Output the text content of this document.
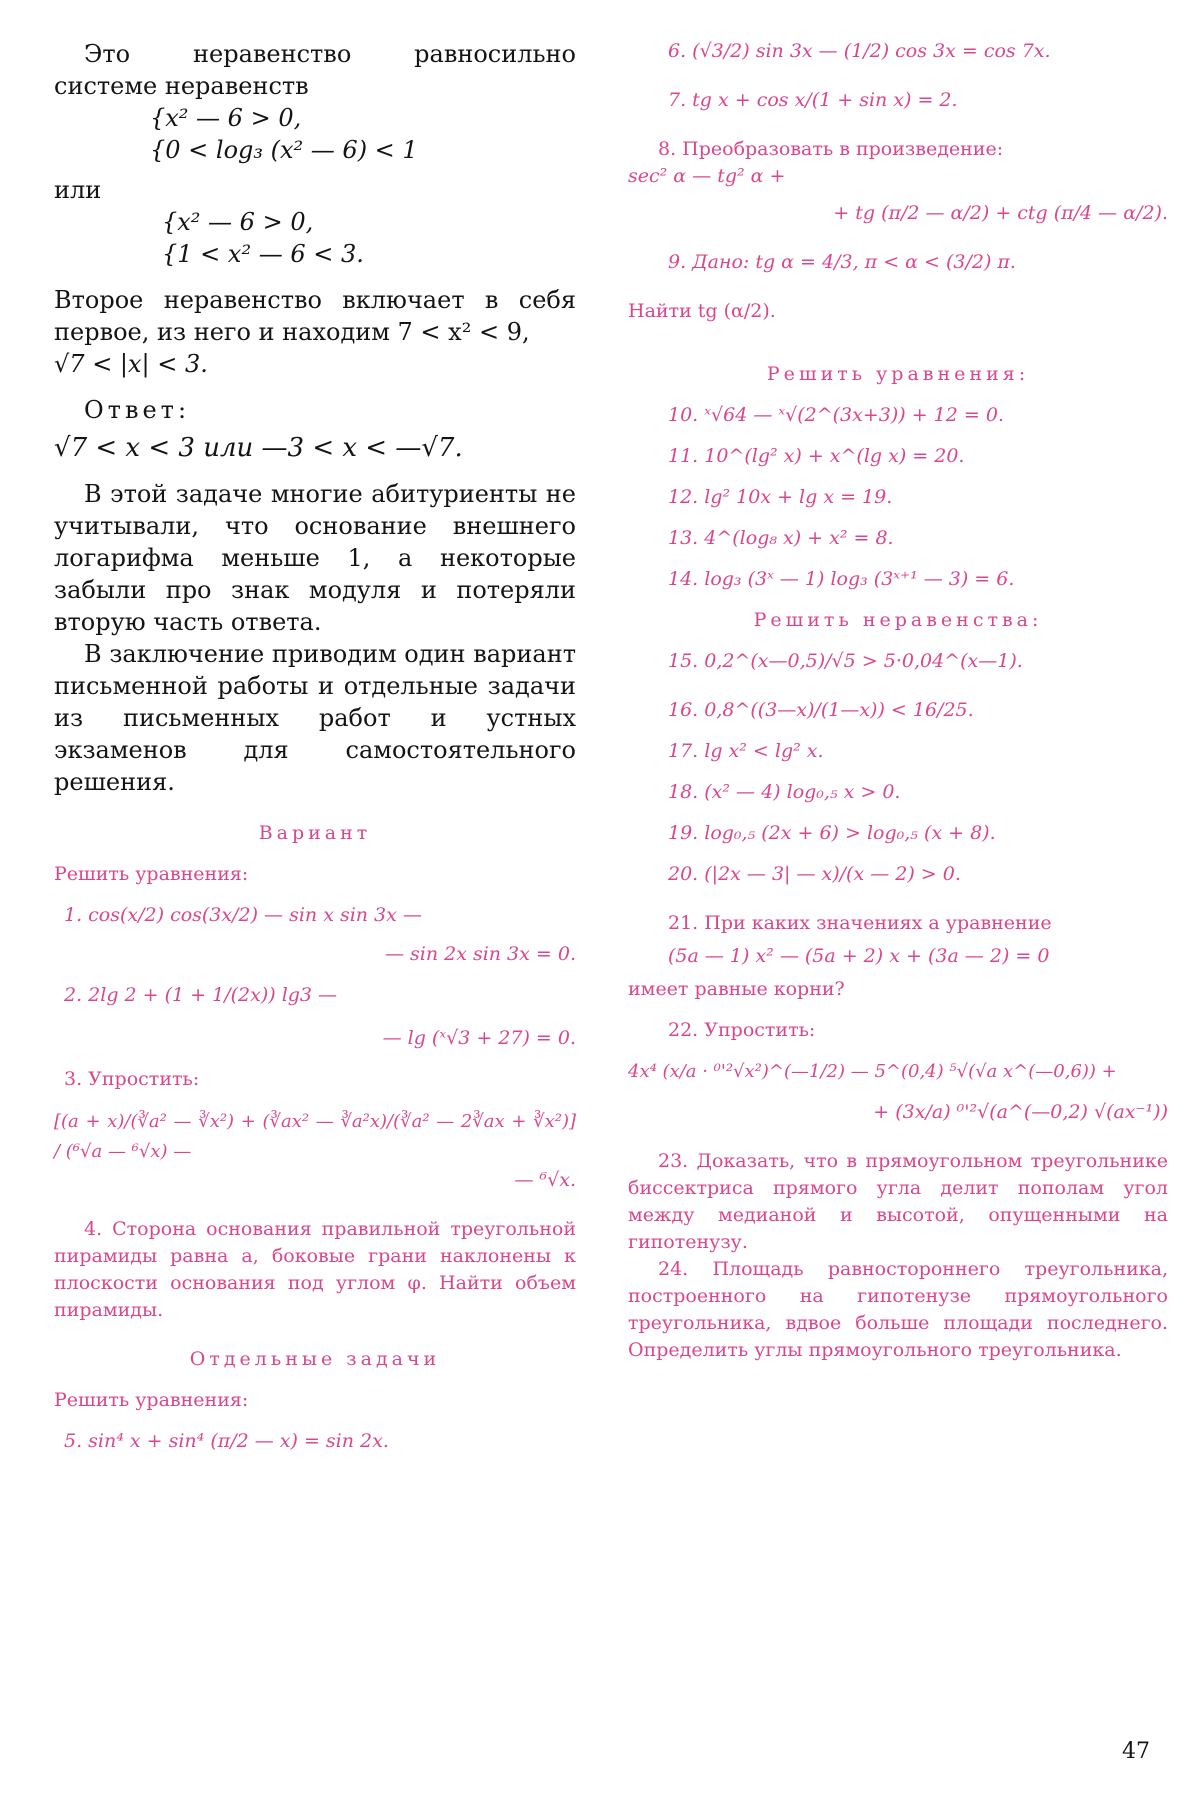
Это неравенство равносильно системе неравенств

{x² — 6 > 0,
{0 < log₃ (x² — 6) < 1

или

{x² — 6 > 0,
{1 < x² — 6 < 3.

Второе неравенство включает в себя первое, из него и находим 7 < x² < 9,

√7 < |x| < 3.

Ответ:

√7 < x < 3 или —3 < x < —√7.

В этой задаче многие абитуриенты не учитывали, что основание внешнего логарифма меньше 1, а некоторые забыли про знак модуля и потеряли вторую часть ответа.

В заключение приводим один вариант письменной работы и отдельные задачи из письменных работ и устных экзаменов для самостоятельного решения.

Вариант

Решить уравнения:

1. cos(x/2) cos(3x/2) — sin x sin 3x —

— sin 2x sin 3x = 0.

2. 2lg 2 + (1 + 1/(2x)) lg3 —

— lg (ˣ√3 + 27) = 0.

3. Упростить:

[(a + x)/(∛a² — ∛x²) + (∛ax² — ∛a²x)/(∛a² — 2∛ax + ∛x²)] / (⁶√a — ⁶√x) —

— ⁶√x.

4. Сторона основания правильной треугольной пирамиды равна a, боковые грани наклонены к плоскости основания под углом φ. Найти объем пирамиды.

Отдельные задачи

Решить уравнения:

5. sin⁴ x + sin⁴ (π/2 — x) = sin 2x.

6. (√3/2) sin 3x — (1/2) cos 3x = cos 7x.

7. tg x + cos x/(1 + sin x) = 2.

8. Преобразовать в произведение:

sec² α — tg² α +

+ tg (π/2 — α/2) + ctg (π/4 — α/2).

9. Дано: tg α = 4/3, π < α < (3/2) π.

Найти tg (α/2).

Решить уравнения:

10. ˣ√64 — ˣ√(2^(3x+3)) + 12 = 0.

11. 10^(lg² x) + x^(lg x) = 20.

12. lg² 10x + lg x = 19.

13. 4^(log₈ x) + x² = 8.

14. log₃ (3ˣ — 1) log₃ (3ˣ⁺¹ — 3) = 6.

Решить неравенства:

15. 0,2^(x—0,5)/√5 > 5·0,04^(x—1).

16. 0,8^((3—x)/(1—x)) < 16/25.

17. lg x² < lg² x.

18. (x² — 4) log₀,₅ x > 0.

19. log₀,₅ (2x + 6) > log₀,₅ (x + 8).

20. (|2x — 3| — x)/(x — 2) > 0.

21. При каких значениях a уравнение

(5a — 1) x² — (5a + 2) x + (3a — 2) = 0

имеет равные корни?

22. Упростить:

4x⁴ (x/a · ⁰'²√x²)^(—1/2) — 5^(0,4) ⁵√(√a x^(—0,6)) +

+ (3x/a) ⁰'²√(a^(—0,2) √(ax⁻¹))

23. Доказать, что в прямоугольном треугольнике биссектриса прямого угла делит пополам угол между медианой и высотой, опущенными на гипотенузу.

24. Площадь равностороннего треугольника, построенного на гипотенузе прямоугольного треугольника, вдвое больше площади последнего. Определить углы прямоугольного треугольника.

47
